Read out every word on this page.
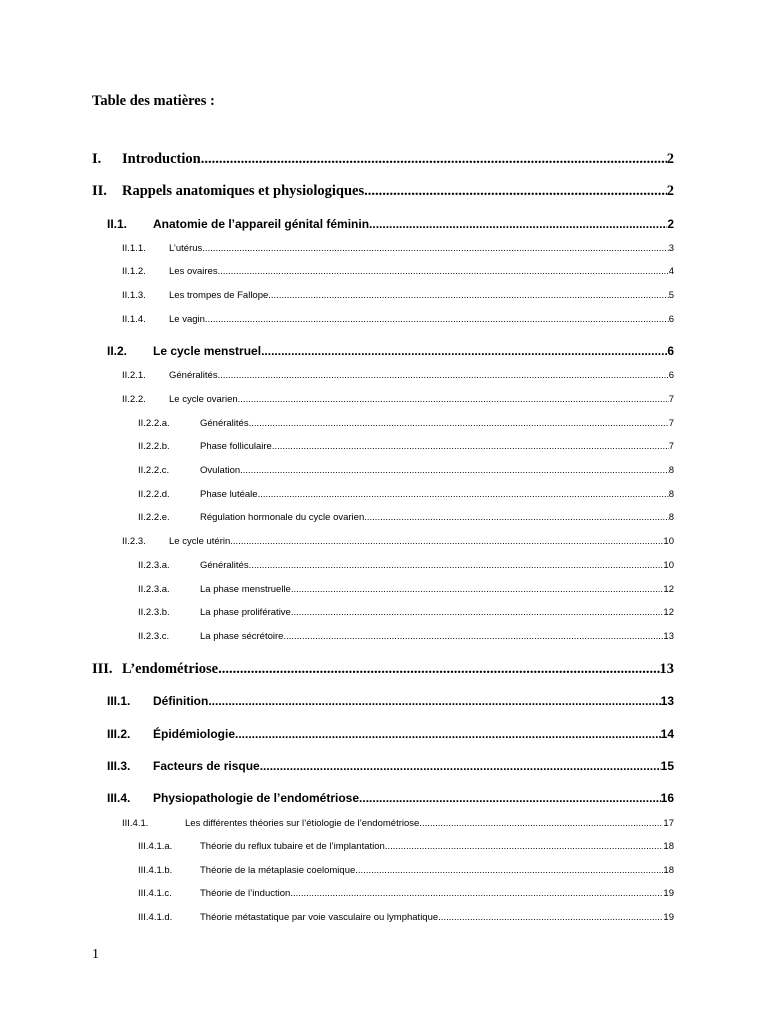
Table des matières :
I.	Introduction .....	2
II.	Rappels anatomiques et physiologiques .....	2
II.1.	Anatomie de l’appareil génital féminin .....	2
II.1.1.	L’utérus .....	3
II.1.2.	Les ovaires .....	4
II.1.3.	Les trompes de Fallope .....	5
II.1.4.	Le vagin .....	6
II.2.	Le cycle menstruel .....	6
II.2.1.	Généralités .....	6
II.2.2.	Le cycle ovarien .....	7
II.2.2.a.	Généralités .....	7
II.2.2.b.	Phase folliculaire .....	7
II.2.2.c.	Ovulation .....	8
II.2.2.d.	Phase lutéale .....	8
II.2.2.e.	Régulation hormonale du cycle ovarien .....	8
II.2.3.	Le cycle utérin .....	10
II.2.3.a.	Généralités .....	10
II.2.3.a.	La phase menstruelle .....	12
II.2.3.b.	La phase proliférative .....	12
II.2.3.c.	La phase sécrétoire .....	13
III. L’endométriose .....	13
III.1.	Définition .....	13
III.2.	Épidémiologie .....	14
III.3.	Facteurs de risque .....	15
III.4.	Physiopathologie de l’endométriose .....	16
III.4.1.	Les différentes théories sur l’étiologie de l’endométriose .....	17
III.4.1.a.	Théorie du reflux tubaire et de l’implantation .....	18
III.4.1.b.	Théorie de la métaplasie coelomique .....	18
III.4.1.c.	Théorie de l’induction .....	19
III.4.1.d.	Théorie métastatique par voie vasculaire ou lymphatique .....	19
1
